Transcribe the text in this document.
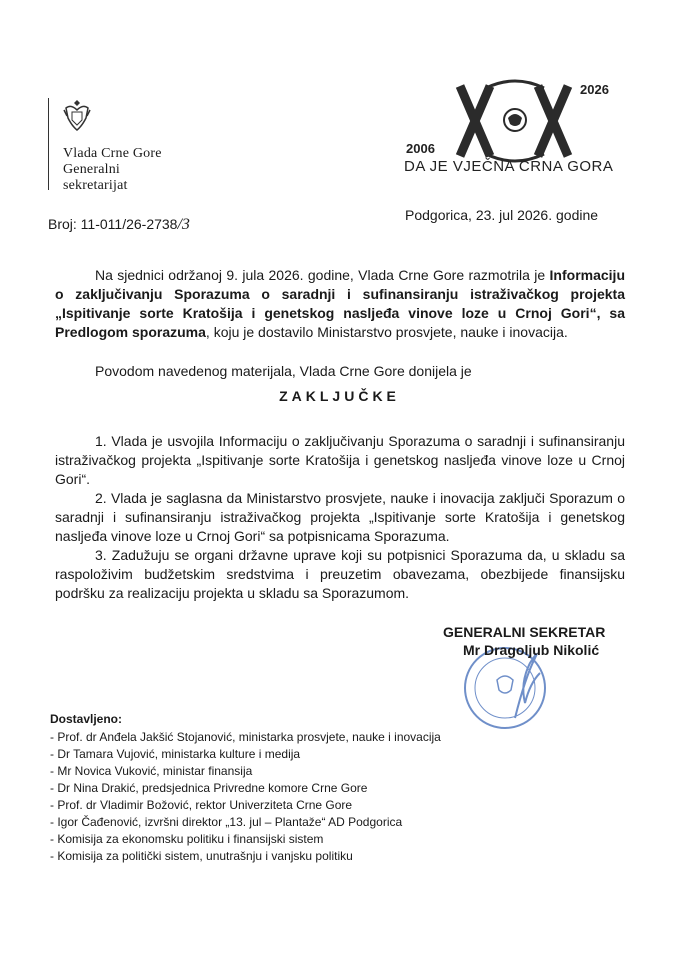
Vlada Crne Gore
Generalni
sekretarijat
2026
2006
DA JE VJEČNA CRNA GORA
Broj: 11-011/26-2738/3
Podgorica, 23. jul 2026. godine
Na sjednici održanoj 9. jula 2026. godine, Vlada Crne Gore razmotrila je Informaciju o zaključivanju Sporazuma o saradnji i sufinansiranju istraživačkog projekta „Ispitivanje sorte Kratošija i genetskog nasljeđa vinove loze u Crnoj Gori“, sa Predlogom sporazuma, koju je dostavilo Ministarstvo prosvjete, nauke i inovacija.
Povodom navedenog materijala, Vlada Crne Gore donijela je
ZAKLJUČKE
1. Vlada je usvojila Informaciju o zaključivanju Sporazuma o saradnji i sufinansiranju istraživačkog projekta „Ispitivanje sorte Kratošija i genetskog nasljeđa vinove loze u Crnoj Gori“.
2. Vlada je saglasna da Ministarstvo prosvjete, nauke i inovacija zaključi Sporazum o saradnji i sufinansiranju istraživačkog projekta „Ispitivanje sorte Kratošija i genetskog nasljeđa vinove loze u Crnoj Gori“ sa potpisnicama Sporazuma.
3. Zadužuju se organi državne uprave koji su potpisnici Sporazuma da, u skladu sa raspoloživim budžetskim sredstvima i preuzetim obavezama, obezbijede finansijsku podršku za realizaciju projekta u skladu sa Sporazumom.
GENERALNI SEKRETAR
Mr Dragoljub Nikolić
Dostavljeno:
- Prof. dr Anđela Jakšić Stojanović, ministarka prosvjete, nauke i inovacija
- Dr Tamara Vujović, ministarka kulture i medija
- Mr Novica Vuković, ministar finansija
- Dr Nina Drakić, predsjednica Privredne komore Crne Gore
- Prof. dr Vladimir Božović, rektor Univerziteta Crne Gore
- Igor Čađenović, izvršni direktor „13. jul – Plantaže“ AD Podgorica
- Komisija za ekonomsku politiku i finansijski sistem
- Komisija za politički sistem, unutrašnju i vanjsku politiku
